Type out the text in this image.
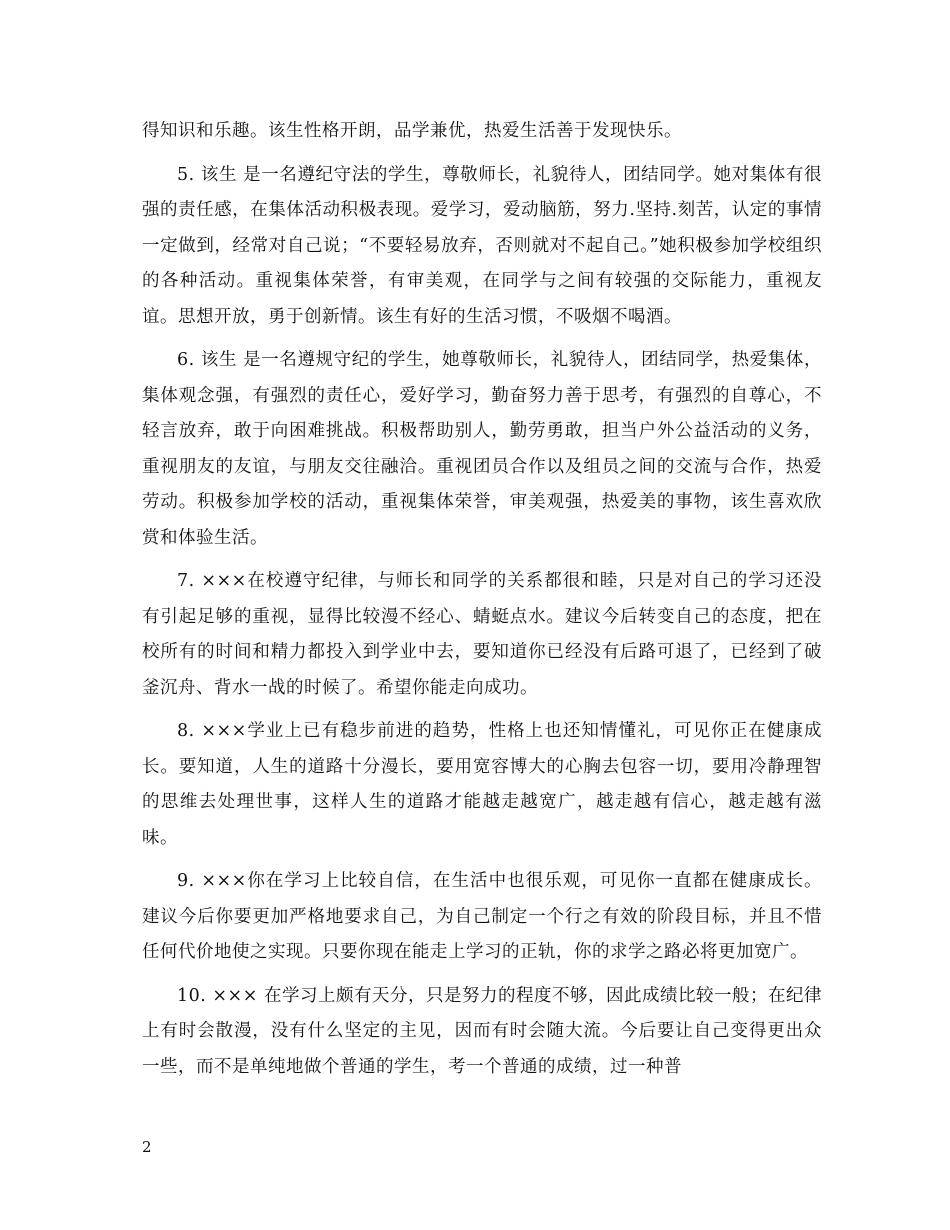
得知识和乐趣。该生性格开朗，品学兼优，热爱生活善于发现快乐。

5. 该生 是一名遵纪守法的学生，尊敬师长，礼貌待人，团结同学。她对集体有很强的责任感，在集体活动积极表现。爱学习，爱动脑筋，努力.坚持.刻苦，认定的事情一定做到，经常对自己说；“不要轻易放弃，否则就对不起自己。”她积极参加学校组织的各种活动。重视集体荣誉，有审美观，在同学与之间有较强的交际能力，重视友谊。思想开放，勇于创新情。该生有好的生活习惯，不吸烟不喝酒。

6. 该生 是一名遵规守纪的学生，她尊敬师长，礼貌待人，团结同学，热爱集体，集体观念强，有强烈的责任心，爱好学习，勤奋努力善于思考，有强烈的自尊心，不轻言放弃，敢于向困难挑战。积极帮助别人，勤劳勇敢，担当户外公益活动的义务，重视朋友的友谊，与朋友交往融洽。重视团员合作以及组员之间的交流与合作，热爱劳动。积极参加学校的活动，重视集体荣誉，审美观强，热爱美的事物，该生喜欢欣赏和体验生活。

7. ×××在校遵守纪律，与师长和同学的关系都很和睦，只是对自己的学习还没有引起足够的重视，显得比较漫不经心、蜻蜓点水。建议今后转变自己的态度，把在校所有的时间和精力都投入到学业中去，要知道你已经没有后路可退了，已经到了破釜沉舟、背水一战的时候了。希望你能走向成功。

8. ×××学业上已有稳步前进的趋势，性格上也还知情懂礼，可见你正在健康成长。要知道，人生的道路十分漫长，要用宽容博大的心胸去包容一切，要用冷静理智的思维去处理世事，这样人生的道路才能越走越宽广，越走越有信心，越走越有滋味。

9. ×××你在学习上比较自信，在生活中也很乐观，可见你一直都在健康成长。建议今后你要更加严格地要求自己，为自己制定一个行之有效的阶段目标，并且不惜任何代价地使之实现。只要你现在能走上学习的正轨，你的求学之路必将更加宽广。

10. ××× 在学习上颇有天分，只是努力的程度不够，因此成绩比较一般；在纪律上有时会散漫，没有什么坚定的主见，因而有时会随大流。今后要让自己变得更出众一些，而不是单纯地做个普通的学生，考一个普通的成绩，过一种普

2
